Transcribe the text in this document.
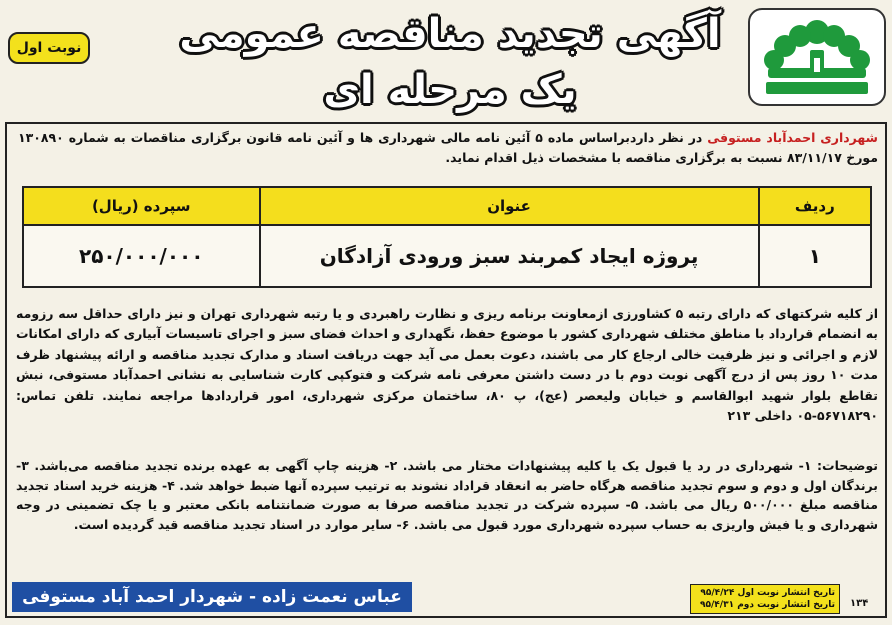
آگهی تجدید مناقصه عمومی
یک مرحله ای
نوبت اول
شهرداری احمدآباد مستوفی در نظر داردبراساس ماده ۵ آئین نامه مالی شهرداری ها و آئین نامه قانون برگزاری مناقصات به شماره ۱۳۰۸۹۰ مورخ ۸۳/۱۱/۱۷ نسبت به برگزاری مناقصه با مشخصات ذیل اقدام نماید.
ردیف	عنوان	سپرده (ریال)
۱	پروژه ایجاد کمربند سبز ورودی آزادگان	۲۵۰/۰۰۰/۰۰۰
از کلیه شرکتهای که دارای رتبه ۵ کشاورزی ازمعاونت برنامه ریزی و نظارت راهبردی و یا رتبه شهرداری تهران و نیز دارای حداقل سه رزومه به انضمام قرارداد با مناطق مختلف شهرداری کشور با موضوع حفظ، نگهداری و احداث فضای سبز و اجرای تاسیسات آبیاری که دارای امکانات لازم و اجرائی و نیز ظرفیت خالی ارجاع کار می باشند، دعوت بعمل می آید جهت دریافت اسناد و مدارک تجدید مناقصه و ارائه پیشنهاد ظرف مدت ۱۰ روز پس از درج آگهی نوبت دوم با در دست داشتن معرفی نامه شرکت و فتوکپی کارت شناسایی به نشانی احمدآباد مستوفی، نبش تقاطع بلوار شهید ابوالقاسم و خیابان ولیعصر (عج)، پ ۸۰، ساختمان مرکزی شهرداری، امور قراردادها مراجعه نمایند. تلفن تماس: ۵۶۷۱۸۲۹۰-۰۵ داخلی ۲۱۳
توضیحات: ۱- شهرداری در رد یا قبول یک یا کلیه پیشنهادات مختار می باشد. ۲- هزینه چاپ آگهی به عهده برنده تجدید مناقصه می‌باشد. ۳- برندگان اول و دوم و سوم تجدید مناقصه هرگاه حاضر به انعقاد قراداد نشوند به ترتیب سپرده آنها ضبط خواهد شد. ۴- هزینه خرید اسناد تجدید مناقصه مبلغ ۵۰۰/۰۰۰ ریال می باشد. ۵- سپرده شرکت در تجدید مناقصه صرفا به صورت ضمانتنامه بانکی معتبر و یا چک تضمینی در وجه شهرداری و یا فیش واریزی به حساب سپرده شهرداری مورد قبول می باشد. ۶- سایر موارد در اسناد تجدید مناقصه قید گردیده است.
عباس نعمت زاده - شهردار احمد آباد مستوفی	تاریخ انتشار نوبت اول ۹۵/۴/۲۴
تاریخ انتشار نوبت دوم ۹۵/۴/۳۱ ۱۳۴
